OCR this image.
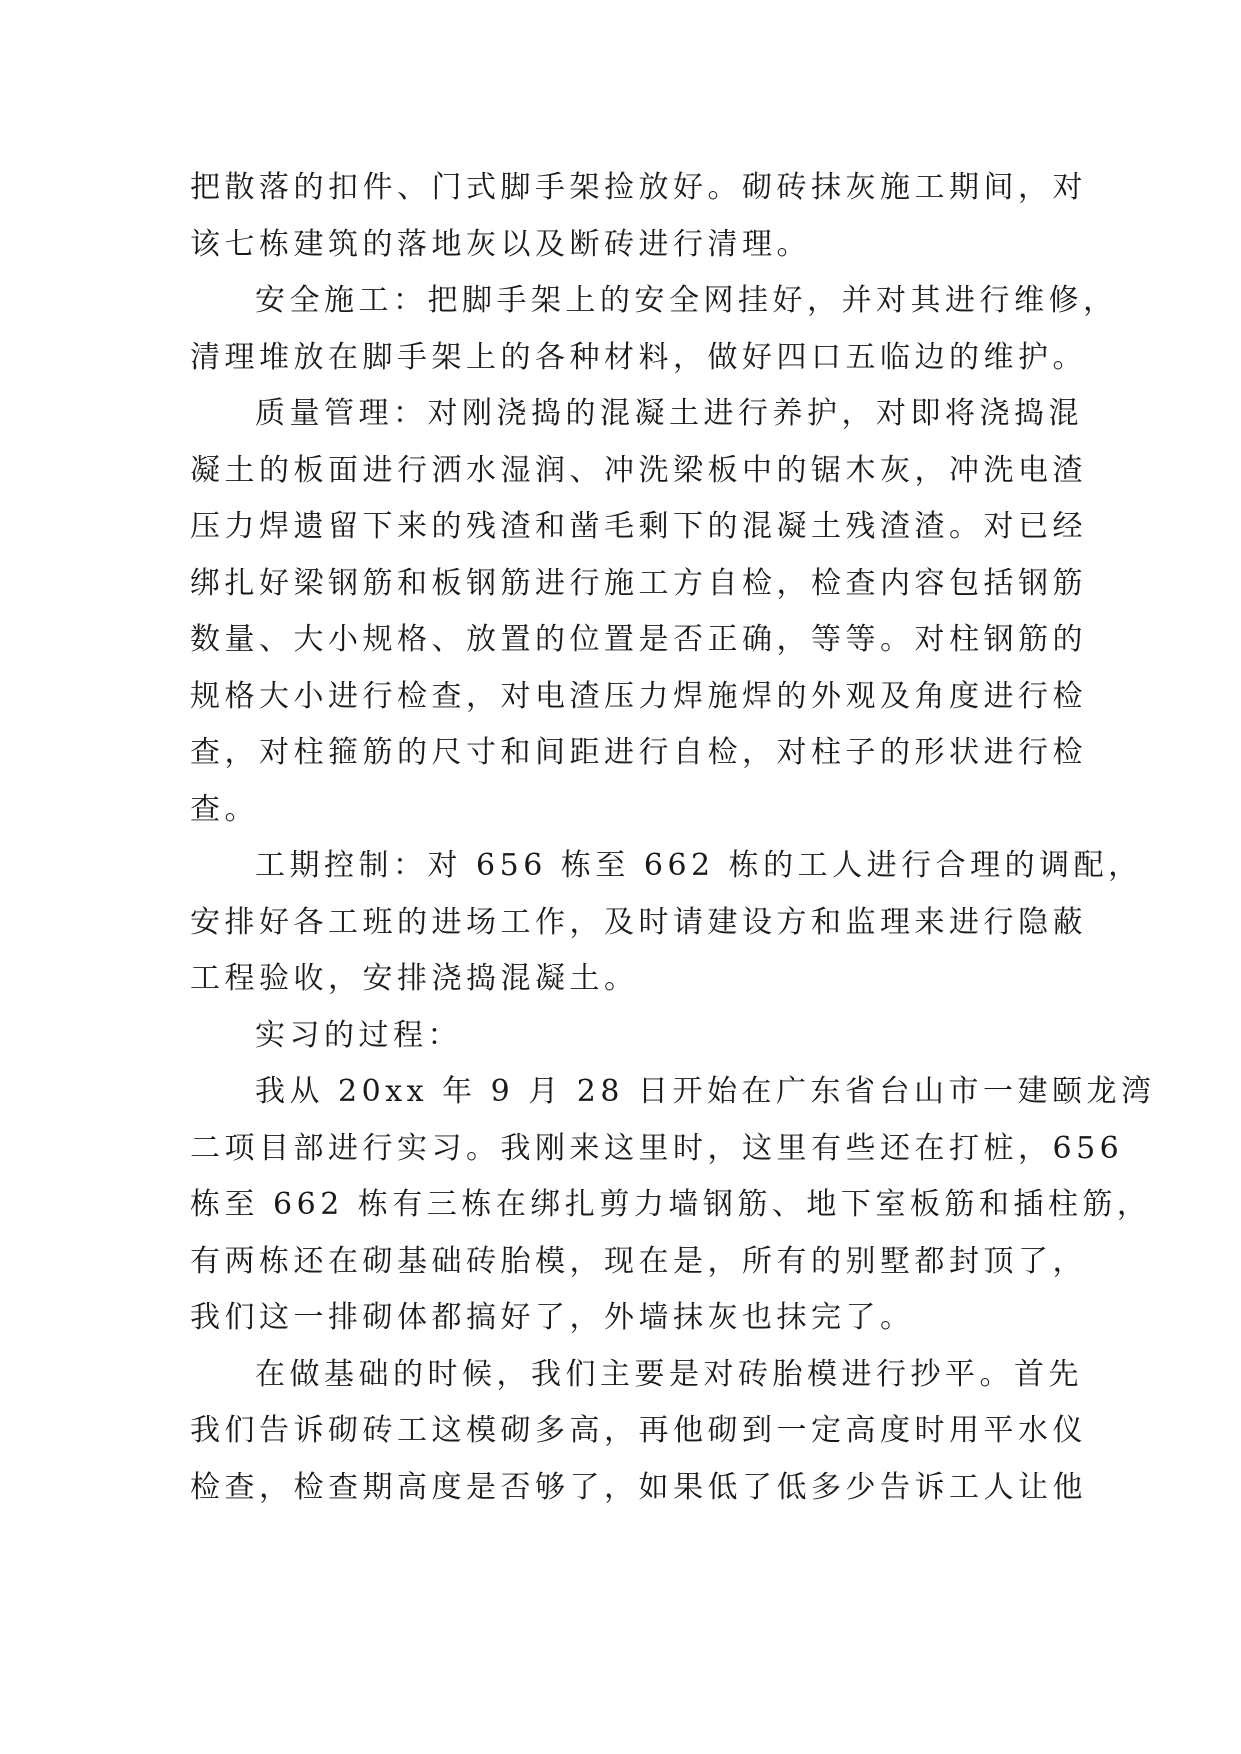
把散落的扣件、门式脚手架捡放好。砌砖抹灰施工期间，对
该七栋建筑的落地灰以及断砖进行清理。
安全施工：把脚手架上的安全网挂好，并对其进行维修，
清理堆放在脚手架上的各种材料，做好四口五临边的维护。
质量管理：对刚浇捣的混凝土进行养护，对即将浇捣混
凝土的板面进行洒水湿润、冲洗梁板中的锯木灰，冲洗电渣
压力焊遗留下来的残渣和凿毛剩下的混凝土残渣渣。对已经
绑扎好梁钢筋和板钢筋进行施工方自检，检查内容包括钢筋
数量、大小规格、放置的位置是否正确，等等。对柱钢筋的
规格大小进行检查，对电渣压力焊施焊的外观及角度进行检
查，对柱箍筋的尺寸和间距进行自检，对柱子的形状进行检
查。
工期控制：对 656 栋至 662 栋的工人进行合理的调配，
安排好各工班的进场工作，及时请建设方和监理来进行隐蔽
工程验收，安排浇捣混凝土。
实习的过程：
我从 20xx 年 9 月 28 日开始在广东省台山市一建颐龙湾
二项目部进行实习。我刚来这里时，这里有些还在打桩，656
栋至 662 栋有三栋在绑扎剪力墙钢筋、地下室板筋和插柱筋，
有两栋还在砌基础砖胎模，现在是，所有的别墅都封顶了，
我们这一排砌体都搞好了，外墙抹灰也抹完了。
在做基础的时候，我们主要是对砖胎模进行抄平。首先
我们告诉砌砖工这模砌多高，再他砌到一定高度时用平水仪
检查，检查期高度是否够了，如果低了低多少告诉工人让他
